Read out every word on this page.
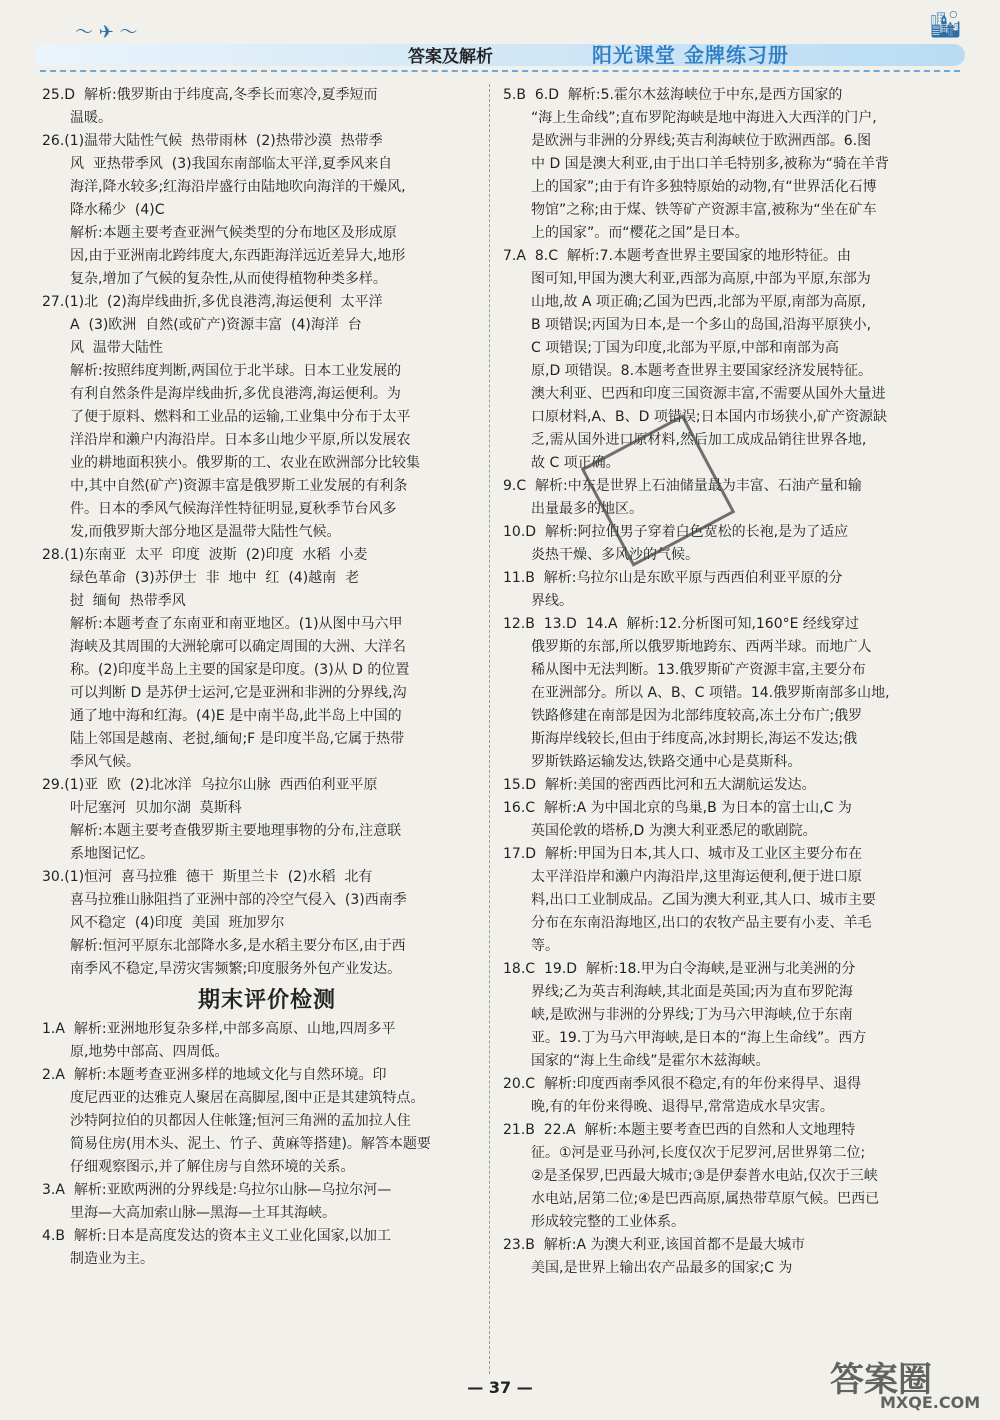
〜 ✈ 〜
答案及解析	阳光课堂 金牌练习册
🏙
25.D  解析:俄罗斯由于纬度高,冬季长而寒冷,夏季短而
温暖。
26.(1)温带大陆性气候  热带雨林  (2)热带沙漠  热带季
风  亚热带季风  (3)我国东南部临太平洋,夏季风来自
海洋,降水较多;红海沿岸盛行由陆地吹向海洋的干燥风,
降水稀少  (4)C
解析:本题主要考查亚洲气候类型的分布地区及形成原
因,由于亚洲南北跨纬度大,东西距海洋远近差异大,地形
复杂,增加了气候的复杂性,从而使得植物种类多样。
27.(1)北  (2)海岸线曲折,多优良港湾,海运便利  太平洋
A  (3)欧洲  自然(或矿产)资源丰富  (4)海洋  台
风  温带大陆性
解析:按照纬度判断,两国位于北半球。日本工业发展的
有利自然条件是海岸线曲折,多优良港湾,海运便利。为
了便于原料、燃料和工业品的运输,工业集中分布于太平
洋沿岸和濑户内海沿岸。日本多山地少平原,所以发展农
业的耕地面积狭小。俄罗斯的工、农业在欧洲部分比较集
中,其中自然(矿产)资源丰富是俄罗斯工业发展的有利条
件。日本的季风气候海洋性特征明显,夏秋季节台风多
发,而俄罗斯大部分地区是温带大陆性气候。
28.(1)东南亚  太平  印度  波斯  (2)印度  水稻  小麦
绿色革命  (3)苏伊士  非  地中  红  (4)越南  老
挝  缅甸  热带季风
解析:本题考查了东南亚和南亚地区。(1)从图中马六甲
海峡及其周围的大洲轮廓可以确定周围的大洲、大洋名
称。(2)印度半岛上主要的国家是印度。(3)从 D 的位置
可以判断 D 是苏伊士运河,它是亚洲和非洲的分界线,沟
通了地中海和红海。(4)E 是中南半岛,此半岛上中国的
陆上邻国是越南、老挝,缅甸;F 是印度半岛,它属于热带
季风气候。
29.(1)亚  欧  (2)北冰洋  乌拉尔山脉  西西伯利亚平原
叶尼塞河  贝加尔湖  莫斯科
解析:本题主要考查俄罗斯主要地理事物的分布,注意联
系地图记忆。
30.(1)恒河  喜马拉雅  德干  斯里兰卡  (2)水稻  北有
喜马拉雅山脉阻挡了亚洲中部的冷空气侵入  (3)西南季
风不稳定  (4)印度  美国  班加罗尔
解析:恒河平原东北部降水多,是水稻主要分布区,由于西
南季风不稳定,旱涝灾害频繁;印度服务外包产业发达。
期末评价检测
1.A  解析:亚洲地形复杂多样,中部多高原、山地,四周多平
原,地势中部高、四周低。
2.A  解析:本题考查亚洲多样的地域文化与自然环境。印
度尼西亚的达雅克人聚居在高脚屋,图中正是其建筑特点。
沙特阿拉伯的贝都因人住帐篷;恒河三角洲的孟加拉人住
简易住房(用木头、泥土、竹子、黄麻等搭建)。解答本题要
仔细观察图示,并了解住房与自然环境的关系。
3.A  解析:亚欧两洲的分界线是:乌拉尔山脉—乌拉尔河—
里海—大高加索山脉—黑海—土耳其海峡。
4.B  解析:日本是高度发达的资本主义工业化国家,以加工
制造业为主。
5.B  6.D  解析:5.霍尔木兹海峡位于中东,是西方国家的
“海上生命线”;直布罗陀海峡是地中海进入大西洋的门户,
是欧洲与非洲的分界线;英吉利海峡位于欧洲西部。6.图
中 D 国是澳大利亚,由于出口羊毛特别多,被称为“骑在羊背
上的国家”;由于有许多独特原始的动物,有“世界活化石博
物馆”之称;由于煤、铁等矿产资源丰富,被称为“坐在矿车
上的国家”。而“樱花之国”是日本。
7.A  8.C  解析:7.本题考查世界主要国家的地形特征。由
图可知,甲国为澳大利亚,西部为高原,中部为平原,东部为
山地,故 A 项正确;乙国为巴西,北部为平原,南部为高原,
B 项错误;丙国为日本,是一个多山的岛国,沿海平原狭小,
C 项错误;丁国为印度,北部为平原,中部和南部为高
原,D 项错误。8.本题考查世界主要国家经济发展特征。
澳大利亚、巴西和印度三国资源丰富,不需要从国外大量进
口原材料,A、B、D 项错误;日本国内市场狭小,矿产资源缺
乏,需从国外进口原材料,然后加工成成品销往世界各地,
故 C 项正确。
9.C  解析:中东是世界上石油储量最为丰富、石油产量和输
出量最多的地区。
10.D  解析:阿拉伯男子穿着白色宽松的长袍,是为了适应
炎热干燥、多风沙的气候。
11.B  解析:乌拉尔山是东欧平原与西西伯利亚平原的分
界线。
12.B  13.D  14.A  解析:12.分析图可知,160°E 经线穿过
俄罗斯的东部,所以俄罗斯地跨东、西两半球。而地广人
稀从图中无法判断。13.俄罗斯矿产资源丰富,主要分布
在亚洲部分。所以 A、B、C 项错。14.俄罗斯南部多山地,
铁路修建在南部是因为北部纬度较高,冻土分布广;俄罗
斯海岸线较长,但由于纬度高,冰封期长,海运不发达;俄
罗斯铁路运输发达,铁路交通中心是莫斯科。
15.D  解析:美国的密西西比河和五大湖航运发达。
16.C  解析:A 为中国北京的鸟巢,B 为日本的富士山,C 为
英国伦敦的塔桥,D 为澳大利亚悉尼的歌剧院。
17.D  解析:甲国为日本,其人口、城市及工业区主要分布在
太平洋沿岸和濑户内海沿岸,这里海运便利,便于进口原
料,出口工业制成品。乙国为澳大利亚,其人口、城市主要
分布在东南沿海地区,出口的农牧产品主要有小麦、羊毛
等。
18.C  19.D  解析:18.甲为白令海峡,是亚洲与北美洲的分
界线;乙为英吉利海峡,其北面是英国;丙为直布罗陀海
峡,是欧洲与非洲的分界线;丁为马六甲海峡,位于东南
亚。19.丁为马六甲海峡,是日本的“海上生命线”。西方
国家的“海上生命线”是霍尔木兹海峡。
20.C  解析:印度西南季风很不稳定,有的年份来得早、退得
晚,有的年份来得晚、退得早,常常造成水旱灾害。
21.B  22.A  解析:本题主要考查巴西的自然和人文地理特
征。①河是亚马孙河,长度仅次于尼罗河,居世界第二位;
②是圣保罗,巴西最大城市;③是伊泰普水电站,仅次于三峡
水电站,居第二位;④是巴西高原,属热带草原气候。巴西已
形成较完整的工业体系。
23.B  解析:A 为澳大利亚,该国首都不是最大城市
美国,是世界上输出农产品最多的国家;C 为
— 37 —	答案圈
MXQE.COM
